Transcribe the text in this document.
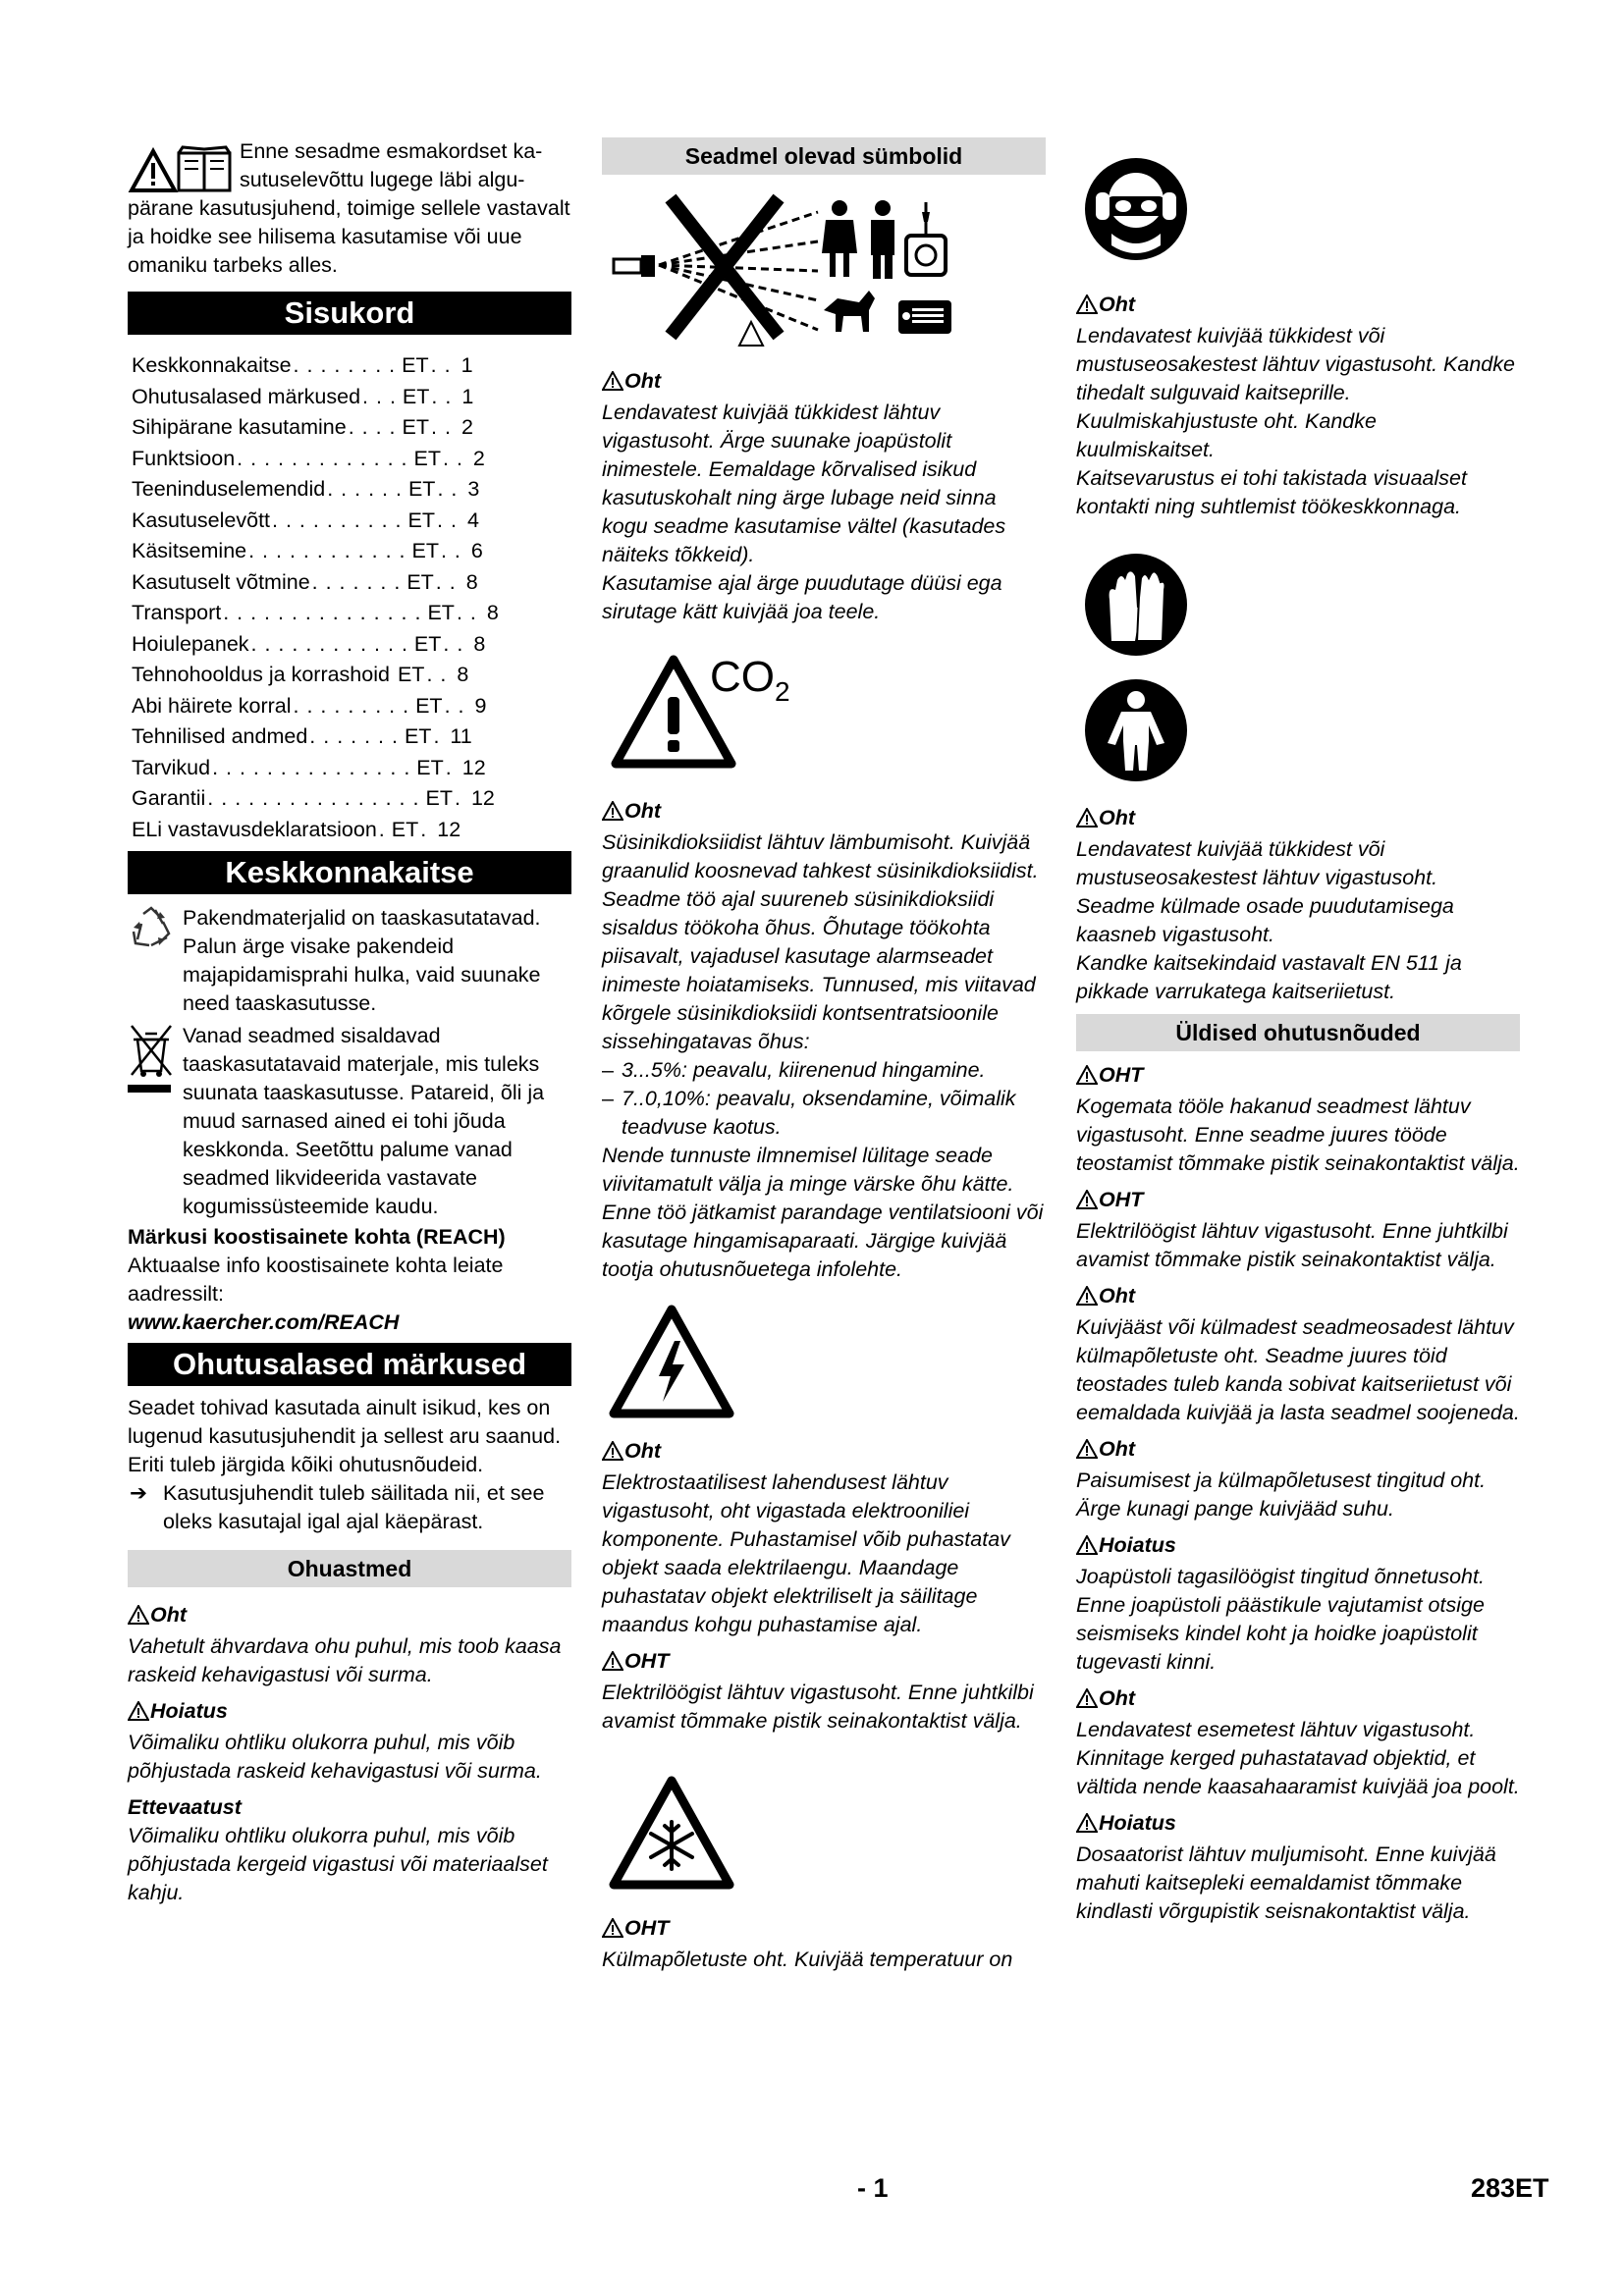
Enne sesadme esmakordset ka-

sutuselevõttu lugege läbi algu-

pärane kasutusjuhend, toimige sellele vastavalt ja hoidke see hilisema kasutamise või uue omaniku tarbeks alles.

Sisukord
Keskkonnakaitse . . . . . . . . ET . . 1
Ohutusalased märkused . . . ET . . 1
Sihipärane kasutamine . . . . ET . . 2
Funktsioon . . . . . . . . . . . . . ET . . 2
Teeninduselemendid . . . . . . ET . . 3
Kasutuselevõtt . . . . . . . . . . ET . . 4
Käsitsemine . . . . . . . . . . . . ET . . 6
Kasutuselt võtmine . . . . . . . ET . . 8
Transport . . . . . . . . . . . . . . . ET . . 8
Hoiulepanek . . . . . . . . . . . . ET . . 8
Tehnohooldus ja korrashoid ET . . 8
Abi häirete korral . . . . . . . . . ET . . 9
Tehnilised andmed . . . . . . . ET . 11
Tarvikud . . . . . . . . . . . . . . . ET . 12
Garantii . . . . . . . . . . . . . . . . ET . 12
ELi vastavusdeklaratsioon . ET . 12
Keskkonnakaitse

Pakendmaterjalid on taaskasutatavad. Palun ärge visake pakendeid majapidamisprahi hulka, vaid suunake need taaskasutusse.

Vanad seadmed sisaldavad taaskasutatavaid materjale, mis tuleks suunata taaskasutusse. Patareid, õli ja muud sarnased ained ei tohi jõuda keskkonda. Seetõttu palume vanad seadmed likvideerida vastavate kogumissüsteemide kaudu.

Märkusi koostisainete kohta (REACH)

Aktuaalse info koostisainete kohta leiate aadressilt:

www.kaercher.com/REACH

Ohutusalased märkused

Seadet tohivad kasutada ainult isikud, kes on lugenud kasutusjuhendit ja sellest aru saanud. Eriti tuleb järgida kõiki ohutusnõudeid.

➔ Kasutusjuhendit tuleb säilitada nii, et see oleks kasutajal igal ajal käepärast.

Ohuastmed

Oht

Vahetult ähvardava ohu puhul, mis toob kaasa raskeid kehavigastusi või surma.

Hoiatus

Võimaliku ohtliku olukorra puhul, mis võib põhjustada raskeid kehavigastusi või surma.

Ettevaatust

Võimaliku ohtliku olukorra puhul, mis võib põhjustada kergeid vigastusi või materiaalset kahju.

Seadmel olevad sümbolid

Oht

Lendavatest kuivjää tükkidest lähtuv vigastusoht. Ärge suunake joapüstolit inimestele. Eemaldage kõrvalised isikud kasutuskohalt ning ärge lubage neid sinna kogu seadme kasutamise vältel (kasutades näiteks tõkkeid).

Kasutamise ajal ärge puudutage düüsi ega sirutage kätt kuivjää joa teele.

$CO_2$

Oht

Süsinikdioksiidist lähtuv lämbumisoht. Kuivjää graanulid koosnevad tahkest süsinikdioksiidist. Seadme töö ajal suureneb süsinikdioksiidi sisaldus töökoha õhus. Õhutage töökohta piisavalt, vajadusel kasutage alarmseadet inimeste hoiatamiseks. Tunnused, mis viitavad kõrgele süsinikdioksiidi kontsentratsioonile sissehingatavas õhus:

– 3...5%: peavalu, kiirenenud hingamine.
– 7..0,10%: peavalu, oksendamine, võimalik teadvuse kaotus.

Nende tunnuste ilmnemisel lülitage seade viivitamatult välja ja minge värske õhu kätte. Enne töö jätkamist parandage ventilatsiooni või kasutage hingamisaparaati. Järgige kuivjää tootja ohutusnõuetega infolehte.

Oht

Elektrostaatilisest lahendusest lähtuv vigastusoht, oht vigastada elektrooniliei komponente. Puhastamisel võib puhastatav objekt saada elektrilaengu. Maandage puhastatav objekt elektriliselt ja säilitage maandus kohgu puhastamise ajal.

OHT

Elektrilöögist lähtuv vigastusoht. Enne juhtkilbi avamist tõmmake pistik seinakontaktist välja.

OHT

Külmapõletuste oht. Kuivjää temperatuur on

Oht

Lendavatest kuivjää tükkidest või mustuseosakestest lähtuv vigastusoht. Kandke tihedalt sulguvaid kaitseprille. Kuulmiskahjustuste oht. Kandke kuulmiskaitset.

Kaitsevarustus ei tohi takistada visuaalset kontakti ning suhtlemist töökeskkonnaga.

Oht

Lendavatest kuivjää tükkidest või mustuseosakestest lähtuv vigastusoht.

Seadme külmade osade puudutamisega kaasneb vigastusoht.

Kandke kaitsekindaid vastavalt EN 511 ja pikkade varrukatega kaitseriietust.

Üldised ohutusnõuded

OHT

Kogemata tööle hakanud seadmest lähtuv vigastusoht. Enne seadme juures tööde teostamist tõmmake pistik seinakontaktist välja.

OHT

Elektrilöögist lähtuv vigastusoht. Enne juhtkilbi avamist tõmmake pistik seinakontaktist välja.

Oht

Kuivjääst või külmadest seadmeosadest lähtuv külmapõletuste oht. Seadme juures töid teostades tuleb kanda sobivat kaitseriietust või eemaldada kuivjää ja lasta seadmel soojeneda.

Oht

Paisumisest ja külmapõletusest tingitud oht. Ärge kunagi pange kuivjääd suhu.

Hoiatus

Joapüstoli tagasilöögist tingitud õnnetusoht. Enne joapüstoli päästikule vajutamist otsige seismiseks kindel koht ja hoidke joapüstolit tugevasti kinni.

Oht

Lendavatest esemetest lähtuv vigastusoht. Kinnitage kerged puhastatavad objektid, et vältida nende kaasahaaramist kuivjää joa poolt.

Hoiatus

Dosaatorist lähtuv muljumisoht. Enne kuivjää mahuti kaitsepleki eemaldamist tõmmake kindlasti võrgupistik seisnakontaktist välja.

- 1	283ET
